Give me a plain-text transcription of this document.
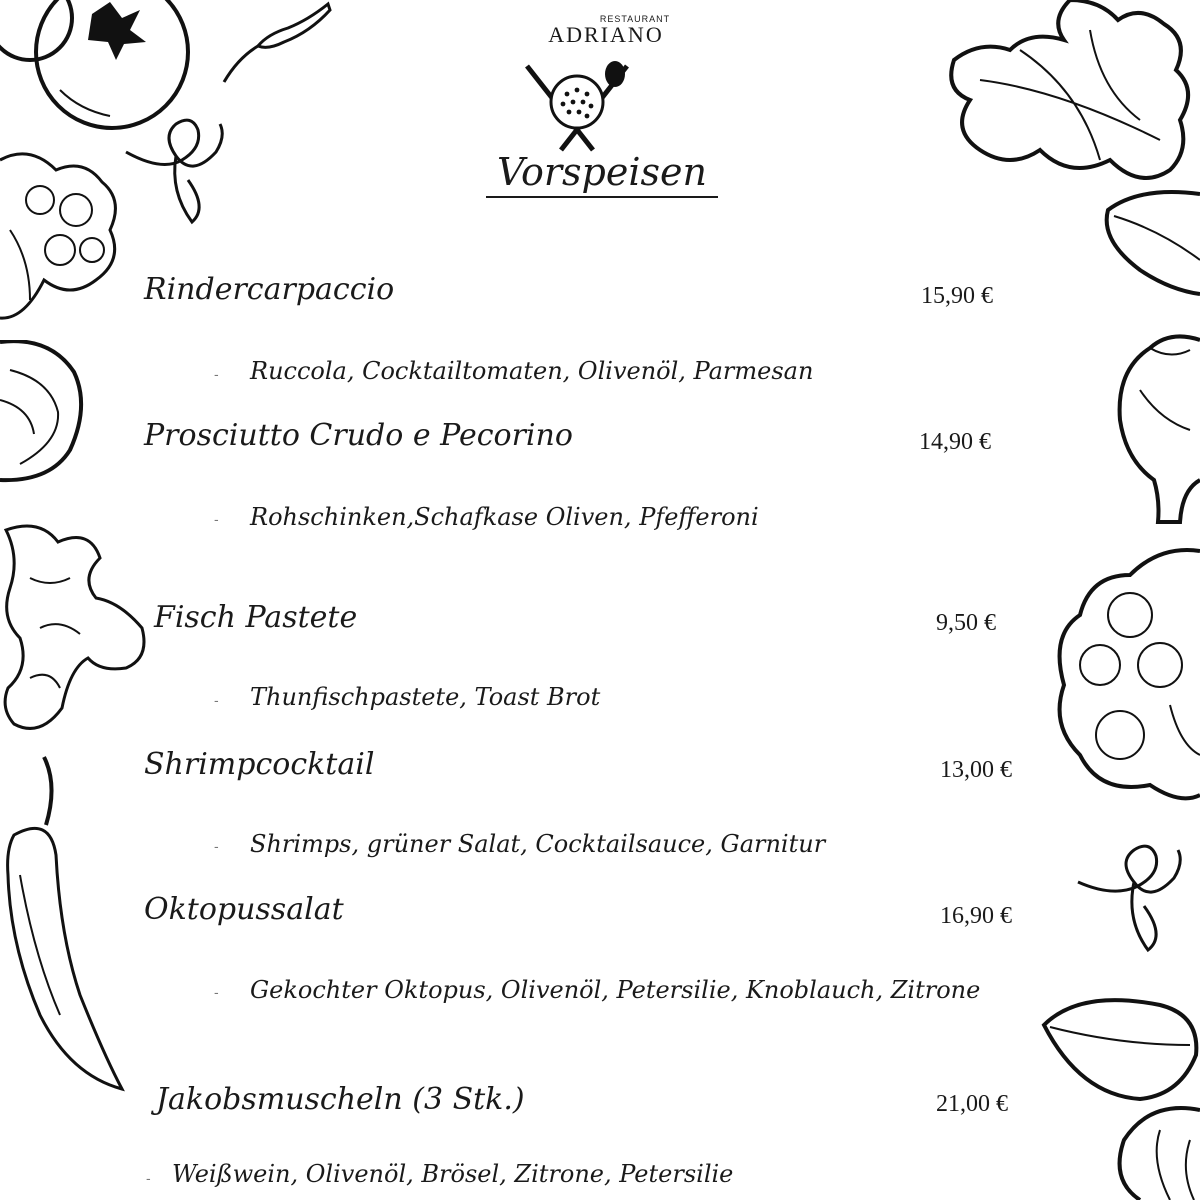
RESTAURANT
ADRIANO
Vorspeisen
Rindercarpaccio	15,90 €
- Ruccola, Cocktailtomaten, Olivenöl, Parmesan
Prosciutto Crudo e Pecorino	14,90 €
- Rohschinken,Schafkase Oliven, Pfefferoni
Fisch Pastete	9,50 €
- Thunfischpastete, Toast Brot
Shrimpcocktail	13,00 €
- Shrimps, grüner Salat, Cocktailsauce, Garnitur
Oktopussalat	16,90 €
- Gekochter Oktopus, Olivenöl, Petersilie, Knoblauch, Zitrone
Jakobsmuscheln (3 Stk.)	21,00 €
- Weißwein, Olivenöl, Brösel, Zitrone, Petersilie
